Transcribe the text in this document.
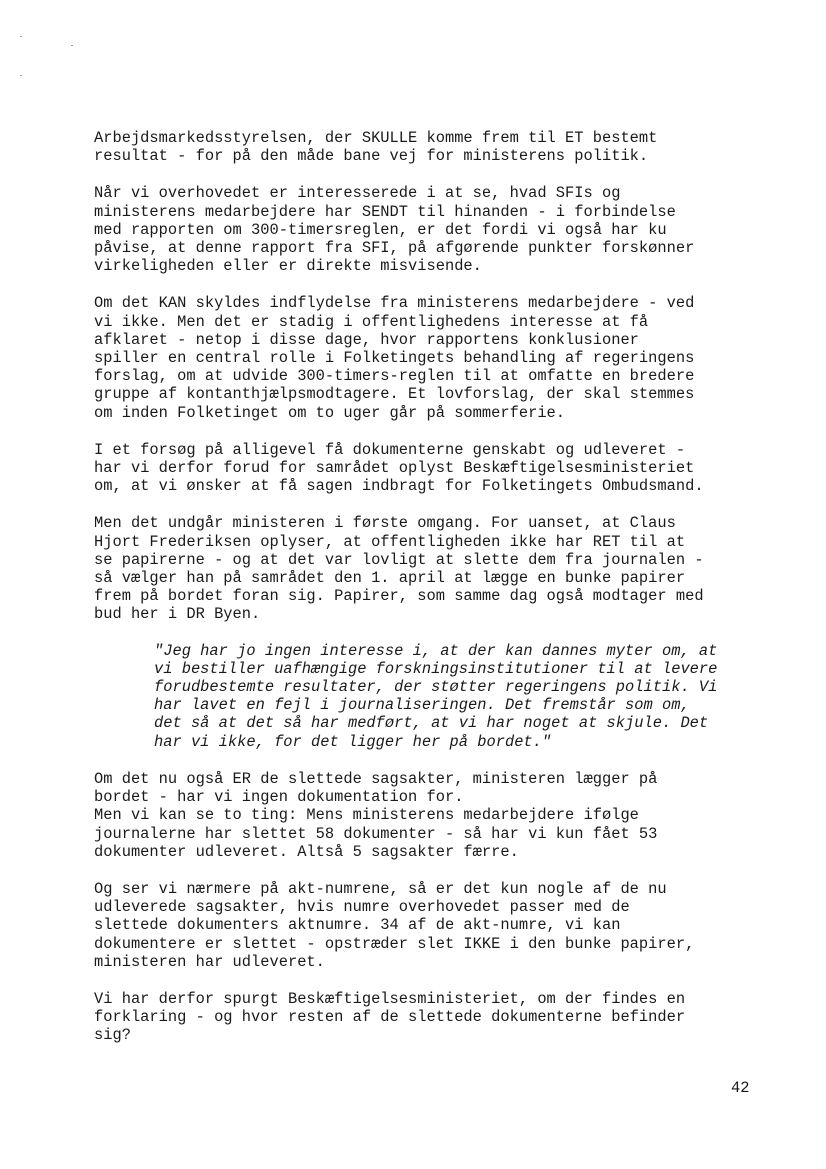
Arbejdsmarkedsstyrelsen, der SKULLE komme frem til ET bestemt
resultat - for på den måde bane vej for ministerens politik.

Når vi overhovedet er interesserede i at se, hvad SFIs og
ministerens medarbejdere har SENDT til hinanden - i forbindelse
med rapporten om 300-timersreglen, er det fordi vi også har ku
påvise, at denne rapport fra SFI, på afgørende punkter forskønner
virkeligheden eller er direkte misvisende.

Om det KAN skyldes indflydelse fra ministerens medarbejdere - ved
vi ikke. Men det er stadig i offentlighedens interesse at få
afklaret - netop i disse dage, hvor rapportens konklusioner
spiller en central rolle i Folketingets behandling af regeringens
forslag, om at udvide 300-timers-reglen til at omfatte en bredere
gruppe af kontanthjælpsmodtagere. Et lovforslag, der skal stemmes
om inden Folketinget om to uger går på sommerferie.

I et forsøg på alligevel få dokumenterne genskabt og udleveret -
har vi derfor forud for samrådet oplyst Beskæftigelsesministeriet
om, at vi ønsker at få sagen indbragt for Folketingets Ombudsmand.

Men det undgår ministeren i første omgang. For uanset, at Claus
Hjort Frederiksen oplyser, at offentligheden ikke har RET til at
se papirerne - og at det var lovligt at slette dem fra journalen -
så vælger han på samrådet den 1. april at lægge en bunke papirer
frem på bordet foran sig. Papirer, som samme dag også modtager med
bud her i DR Byen.

"Jeg har jo ingen interesse i, at der kan dannes myter om, at
vi bestiller uafhængige forskningsinstitutioner til at levere
forudbestemte resultater, der støtter regeringens politik. Vi
har lavet en fejl i journaliseringen. Det fremstår som om,
det så at det så har medført, at vi har noget at skjule. Det
har vi ikke, for det ligger her på bordet."

Om det nu også ER de slettede sagsakter, ministeren lægger på
bordet - har vi ingen dokumentation for.
Men vi kan se to ting: Mens ministerens medarbejdere ifølge
journalerne har slettet 58 dokumenter - så har vi kun fået 53
dokumenter udleveret. Altså 5 sagsakter færre.

Og ser vi nærmere på akt-numrene, så er det kun nogle af de nu
udleverede sagsakter, hvis numre overhovedet passer med de
slettede dokumenters aktnumre. 34 af de akt-numre, vi kan
dokumentere er slettet - opstræder slet IKKE i den bunke papirer,
ministeren har udleveret.

Vi har derfor spurgt Beskæftigelsesministeriet, om der findes en
forklaring - og hvor resten af de slettede dokumenterne befinder
sig?

42
